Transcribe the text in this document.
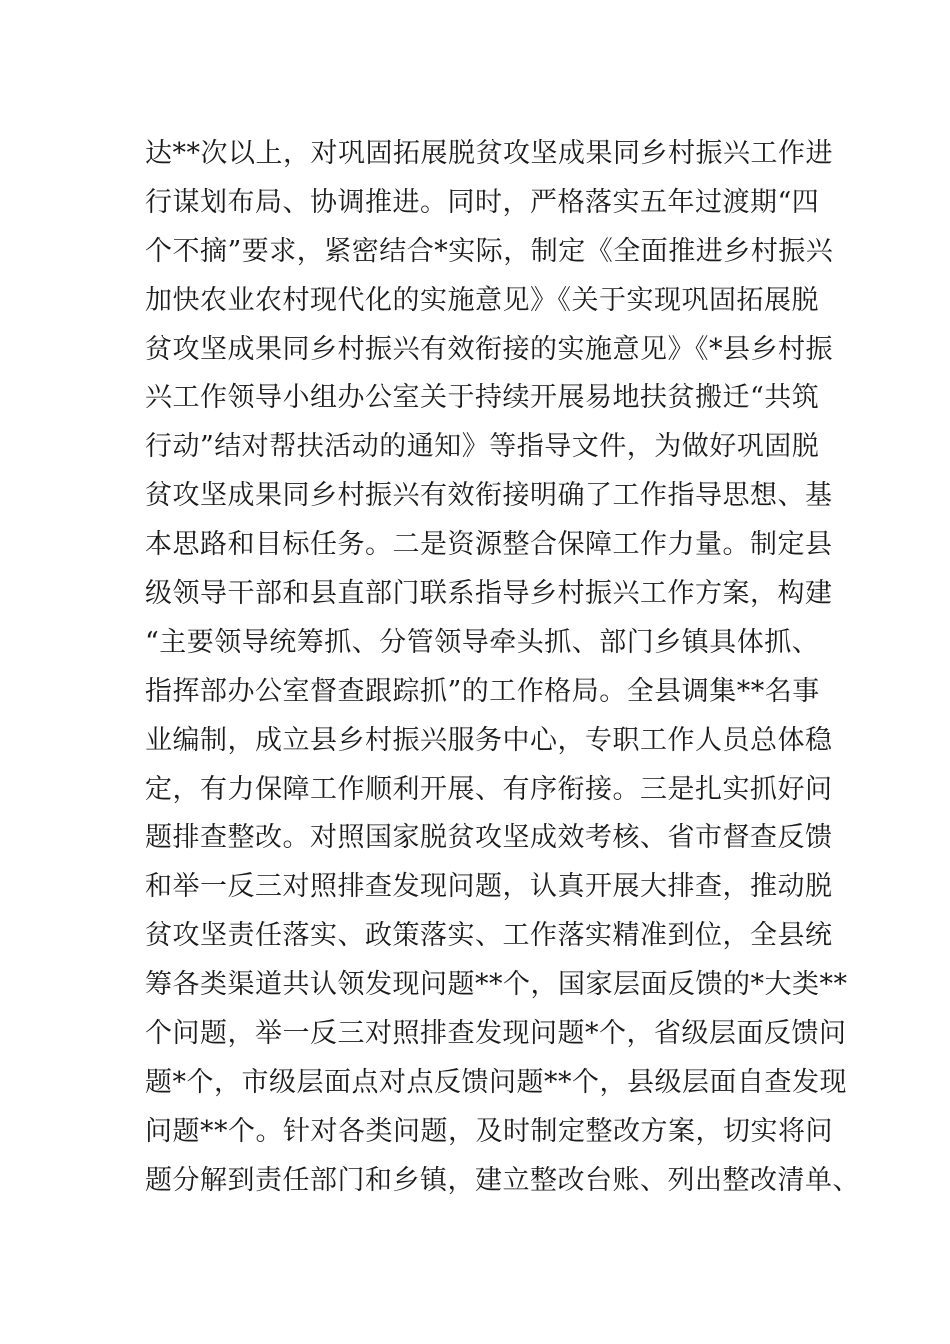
达**次以上，对巩固拓展脱贫攻坚成果同乡村振兴工作进
行谋划布局、协调推进。同时，严格落实五年过渡期“四
个不摘”要求，紧密结合*实际，制定《全面推进乡村振兴
加快农业农村现代化的实施意见》《关于实现巩固拓展脱
贫攻坚成果同乡村振兴有效衔接的实施意见》《*县乡村振
兴工作领导小组办公室关于持续开展易地扶贫搬迁“共筑
行动”结对帮扶活动的通知》等指导文件，为做好巩固脱
贫攻坚成果同乡村振兴有效衔接明确了工作指导思想、基
本思路和目标任务。二是资源整合保障工作力量。制定县
级领导干部和县直部门联系指导乡村振兴工作方案，构建
“主要领导统筹抓、分管领导牵头抓、部门乡镇具体抓、
指挥部办公室督查跟踪抓”的工作格局。全县调集**名事
业编制，成立县乡村振兴服务中心，专职工作人员总体稳
定，有力保障工作顺利开展、有序衔接。三是扎实抓好问
题排查整改。对照国家脱贫攻坚成效考核、省市督查反馈
和举一反三对照排查发现问题，认真开展大排查，推动脱
贫攻坚责任落实、政策落实、工作落实精准到位，全县统
筹各类渠道共认领发现问题**个，国家层面反馈的*大类**
个问题，举一反三对照排查发现问题*个，省级层面反馈问
题*个，市级层面点对点反馈问题**个，县级层面自查发现
问题**个。针对各类问题，及时制定整改方案，切实将问
题分解到责任部门和乡镇，建立整改台账、列出整改清单、
